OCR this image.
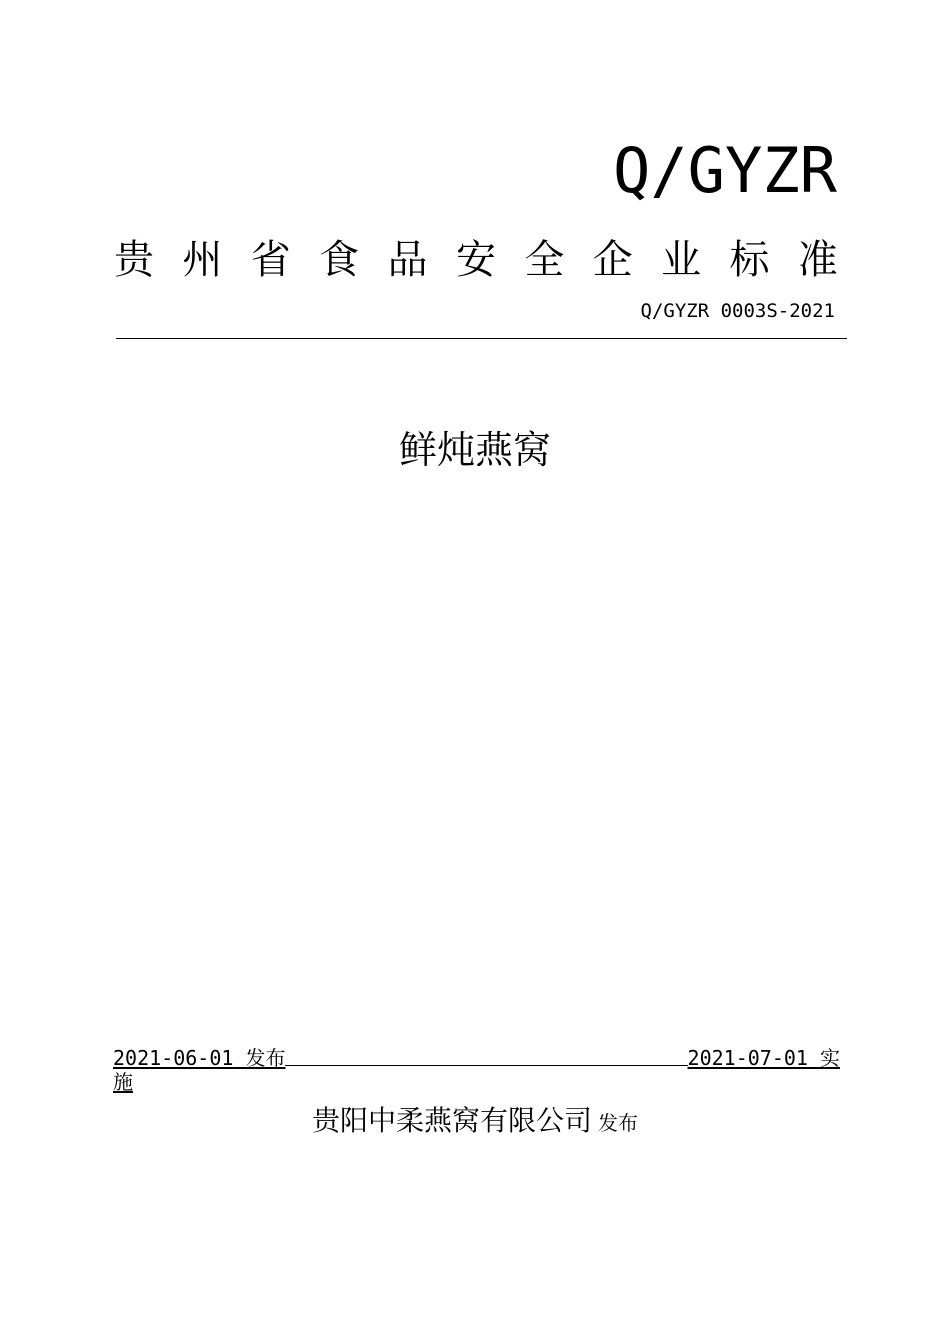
Q/GYZR
贵 州 省 食 品 安 全 企 业 标 准
Q/GYZR 0003S-2021
鲜炖燕窝
2021-06-01 发布	2021-07-01 实
施
贵阳中柔燕窝有限公司 发布
